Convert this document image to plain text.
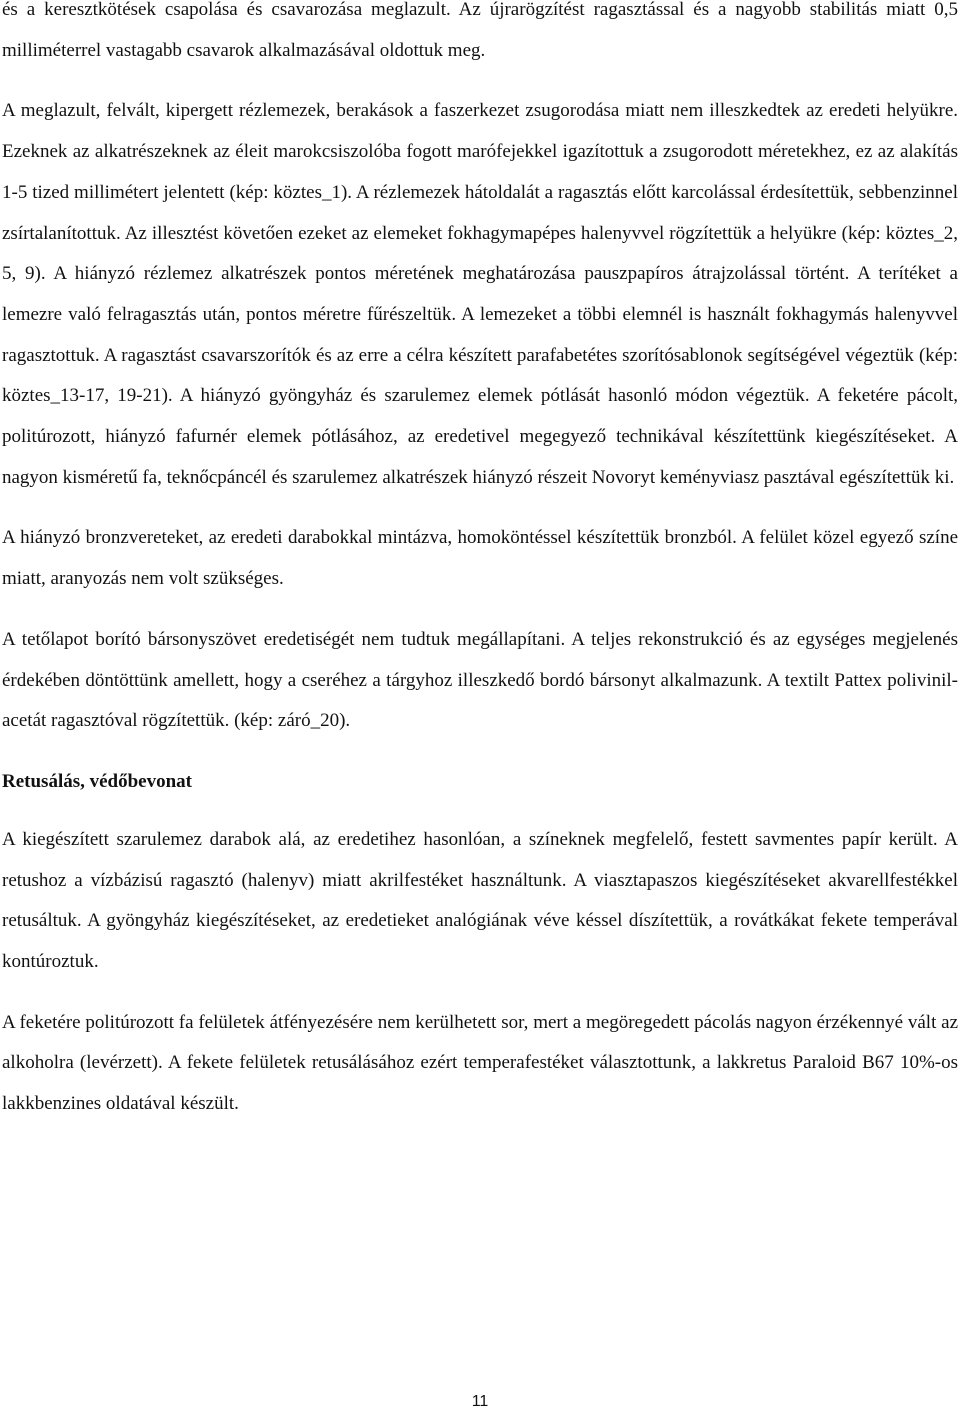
és a keresztkötések csapolása és csavarozása meglazult. Az újrarögzítést ragasztással és a nagyobb stabilitás miatt 0,5 milliméterrel vastagabb csavarok alkalmazásával oldottuk meg.

A meglazult, felvált, kipergett rézlemezek, berakások a faszerkezet zsugorodása miatt nem illeszkedtek az eredeti helyükre. Ezeknek az alkatrészeknek az éleit marokcsiszolóba fogott marófejekkel igazítottuk a zsugorodott méretekhez, ez az alakítás 1-5 tized millimétert jelentett (kép: köztes_1). A rézlemezek hátoldalát a ragasztás előtt karcolással érdesítettük, sebbenzinnel zsírtalanítottuk. Az illesztést követően ezeket az elemeket fokhagymapépes halenyvvel rögzítettük a helyükre (kép: köztes_2, 5, 9). A hiányzó rézlemez alkatrészek pontos méretének meghatározása pauszpapíros átrajzolással történt. A terítéket a lemezre való felragasztás után, pontos méretre fűrészeltük. A lemezeket a többi elemnél is használt fokhagymás halenyvvel ragasztottuk. A ragasztást csavarszorítók és az erre a célra készített parafabetétes szorítósablonok segítségével végeztük (kép: köztes_13-17, 19-21). A hiányzó gyöngyház és szarulemez elemek pótlását hasonló módon végeztük. A feketére pácolt, politúrozott, hiányzó fafurnér elemek pótlásához, az eredetivel megegyező technikával készítettünk kiegészítéseket. A nagyon kisméretű fa, teknőcpáncél és szarulemez alkatrészek hiányzó részeit Novoryt keményviasz pasztával egészítettük ki.

A hiányzó bronzvereteket, az eredeti darabokkal mintázva, homoköntéssel készítettük bronzból. A felület közel egyező színe miatt, aranyozás nem volt szükséges.

A tetőlapot borító bársonyszövet eredetiségét nem tudtuk megállapítani. A teljes rekonstrukció és az egységes megjelenés érdekében döntöttünk amellett, hogy a cseréhez a tárgyhoz illeszkedő bordó bársonyt alkalmazunk. A textilt Pattex polivinil-acetát ragasztóval rögzítettük. (kép: záró_20).

Retusálás, védőbevonat

A kiegészített szarulemez darabok alá, az eredetihez hasonlóan, a színeknek megfelelő, festett savmentes papír került. A retushoz a vízbázisú ragasztó (halenyv) miatt akrilfestéket használtunk. A viasztapaszos kiegészítéseket akvarellfestékkel retusáltuk. A gyöngyház kiegészítéseket, az eredetieket analógiának véve késsel díszítettük, a rovátkákat fekete temperával kontúroztuk.

A feketére politúrozott fa felületek átfényezésére nem kerülhetett sor, mert a megöregedett pácolás nagyon érzékennyé vált az alkoholra (levérzett). A fekete felületek retusálásához ezért temperafestéket választottunk, a lakkretus Paraloid B67 10%-os lakkbenzines oldatával készült.

11
